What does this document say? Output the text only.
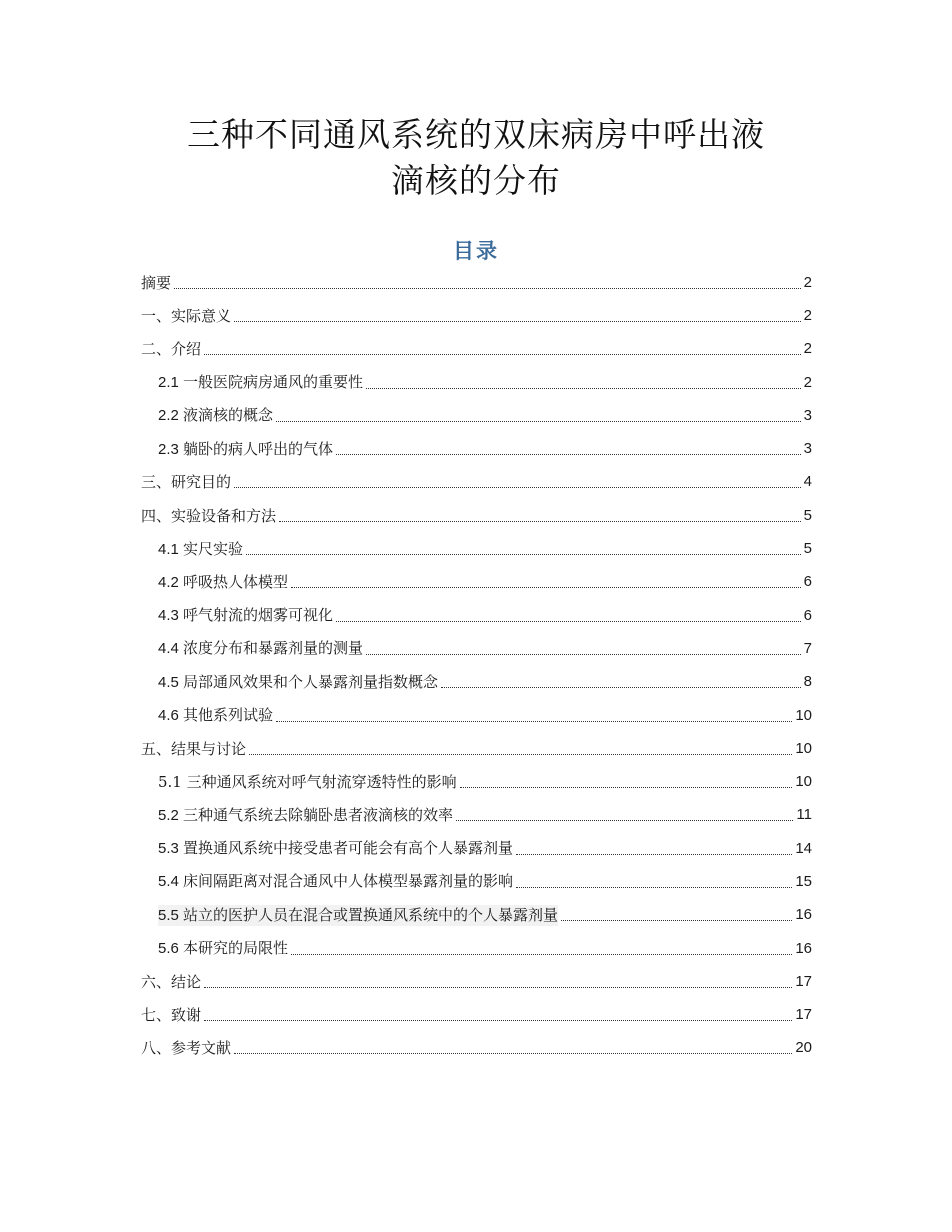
三种不同通风系统的双床病房中呼出液
滴核的分布
目录
摘要	2
一、实际意义	2
二、介绍	2
2.1 一般医院病房通风的重要性	2
2.2 液滴核的概念	3
2.3 躺卧的病人呼出的气体	3
三、研究目的	4
四、实验设备和方法	5
4.1 实尺实验	5
4.2 呼吸热人体模型	6
4.3 呼气射流的烟雾可视化	6
4.4 浓度分布和暴露剂量的测量	7
4.5 局部通风效果和个人暴露剂量指数概念	8
4.6 其他系列试验	10
五、结果与讨论	10
5.1 三种通风系统对呼气射流穿透特性的影响	10
5.2 三种通气系统去除躺卧患者液滴核的效率	11
5.3 置换通风系统中接受患者可能会有高个人暴露剂量	14
5.4 床间隔距离对混合通风中人体模型暴露剂量的影响	15
5.5 站立的医护人员在混合或置换通风系统中的个人暴露剂量	16
5.6 本研究的局限性	16
六、结论	17
七、致谢	17
八、参考文献	20
